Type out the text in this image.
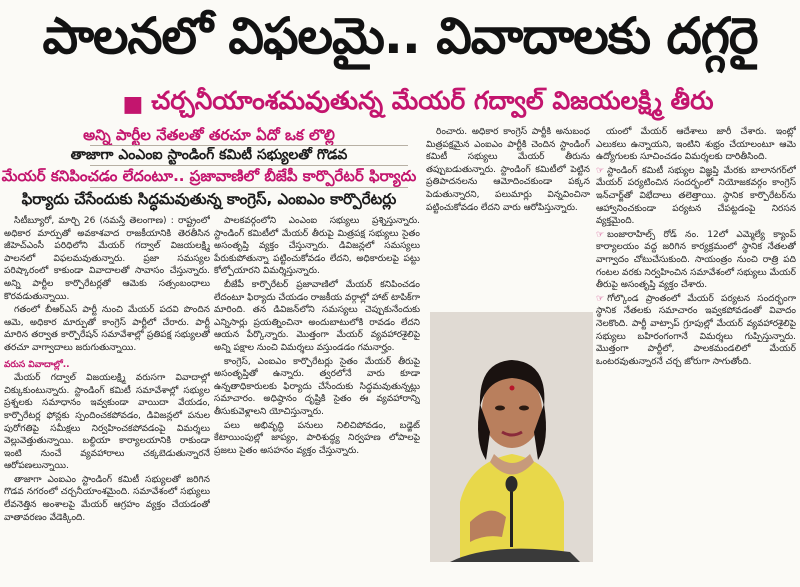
పాలనలో విఫలమై.. వివాదాలకు దగ్గరై
■ చర్చనీయాంశమవుతున్న మేయర్ గద్వాల్ విజయలక్ష్మి తీరు
అన్ని పార్టీల నేతలతో తరచూ ఏదో ఒక లొల్లి
తాజాగా ఎంఎంఐ స్టాండింగ్ కమిటీ సభ్యులతో గొడవ
మేయర్ కనిపించడం లేదంటూ.. ప్రజావాణిలో బీజేపీ కార్పొరేటర్ ఫిర్యాదు
ఫిర్యాదు చేసేందుకు సిద్ధమవుతున్న కాంగ్రెస్, ఎంఐఎం కార్పొరేటర్లు

సిటీబ్యూరో, మార్చి 26 (నమస్తే తెలంగాణ) : రాష్ట్రంలో అధికార మార్పుతో అవకాశవాద రాజకీయానికి తెరతీసిన జీహెచ్ఎంసీ పరిధిలోని మేయర్ గద్వాల్ విజయలక్ష్మి పాలనలో విఫలమవుతున్నారు. ప్రజా సమస్యల పరిష్కారంలో కాకుండా వివాదాలతో సావాసం చేస్తున్నారు. అన్ని పార్టీల కార్పొరేటర్లతో ఆమెకు సత్సంబంధాలు కొరవడుతున్నాయి.

గతంలో బీఆర్ఎస్ పార్టీ నుంచి మేయర్ పదవి పొందిన ఆమె, అధికార మార్పుతో కాంగ్రెస్ పార్టీలో చేరారు. పార్టీ మారిన తర్వాత కార్పొరేషన్ సమావేశాల్లో ప్రతిపక్ష సభ్యులతో తరచూ వాగ్వాదాలు జరుగుతున్నాయి.

వరుస వివాదాల్లో..

మేయర్ గద్వాల్ విజయలక్ష్మి వరుసగా వివాదాల్లో చిక్కుకుంటున్నారు. స్టాండింగ్ కమిటీ సమావేశాల్లో సభ్యుల ప్రశ్నలకు సమాధానం ఇవ్వకుండా వాయిదా వేయడం, కార్పొరేటర్ల ఫోన్లకు స్పందించకపోవడం, డివిజన్లలో పనుల పురోగతిపై సమీక్షలు నిర్వహించకపోవడంపై విమర్శలు వెల్లువెత్తుతున్నాయి. బల్దియా కార్యాలయానికి రాకుండా ఇంటి నుంచే వ్యవహారాలు చక్కబెడుతున్నారనే ఆరోపణలున్నాయి.

తాజాగా ఎంఐఎం స్టాండింగ్ కమిటీ సభ్యులతో జరిగిన గొడవ నగరంలో చర్చనీయాంశమైంది. సమావేశంలో సభ్యులు లేవనెత్తిన అంశాలపై మేయర్ ఆగ్రహం వ్యక్తం చేయడంతో వాతావరణం వేడెక్కింది.

పాలకవర్గంలోని ఎంఎంఐ సభ్యులు ప్రశ్నిస్తున్నారు. స్టాండింగ్ కమిటీలో మేయర్ తీరుపై మిత్రపక్ష సభ్యులు సైతం అసంతృప్తి వ్యక్తం చేస్తున్నారు. డివిజన్లలో సమస్యలు పేరుకుపోతున్నా పట్టించుకోవడం లేదని, అధికారులపై పట్టు కోల్పోయారని విమర్శిస్తున్నారు.

బీజేపీ కార్పొరేటర్ ప్రజావాణిలో మేయర్ కనిపించడం లేదంటూ ఫిర్యాదు చేయడం రాజకీయ వర్గాల్లో హాట్ టాపిక్‌గా మారింది. తన డివిజన్‌లోని సమస్యలు చెప్పుకునేందుకు ఎన్నిసార్లు ప్రయత్నించినా అందుబాటులోకి రావడం లేదని ఆయన పేర్కొన్నారు. మొత్తంగా మేయర్ వ్యవహారశైలిపై అన్ని పక్షాల నుంచి విమర్శలు వస్తుండడం గమనార్హం.

కాంగ్రెస్, ఎంఐఎం కార్పొరేటర్లు సైతం మేయర్ తీరుపై అసంతృప్తితో ఉన్నారు. త్వరలోనే వారు కూడా ఉన్నతాధికారులకు ఫిర్యాదు చేసేందుకు సిద్ధమవుతున్నట్లు సమాచారం. అధిష్ఠానం దృష్టికి సైతం ఈ వ్యవహారాన్ని తీసుకువెళ్లాలని యోచిస్తున్నారు.

పలు అభివృద్ధి పనులు నిలిచిపోవడం, బడ్జెట్ కేటాయింపుల్లో జాప్యం, పారిశుద్ధ్య నిర్వహణ లోపాలపై ప్రజలు సైతం అసహనం వ్యక్తం చేస్తున్నారు.

రించారు. అధికార కాంగ్రెస్ పార్టీకి అనుబంధ మిత్రపక్షమైన ఎంఐఎం పార్టీకి చెందిన స్టాండింగ్ కమిటీ సభ్యులు మేయర్ తీరును తప్పుబడుతున్నారు. స్టాండింగ్ కమిటీలో పెట్టిన ప్రతిపాదనలను ఆమోదించకుండా పక్కన పెడుతున్నారని, పలుమార్లు విన్నవించినా పట్టించుకోవడం లేదని వారు ఆరోపిస్తున్నారు.

యంలో మేయర్ ఆదేశాలు జారీ చేశారు. ఇంట్లో ఎలుకలు ఉన్నాయని, ఇంటిని శుభ్రం చేయాలంటూ ఆమె ఉద్యోగులకు సూచించడం విమర్శలకు దారితీసింది.

☞ స్టాండింగ్ కమిటీ సభ్యుల విజ్ఞప్తి మేరకు బాలానగర్‌లో మేయర్ పర్యటించిన సందర్భంలో నియోజకవర్గం కాంగ్రెస్ ఇన్‌చార్జ్‌తో విభేదాలు తలెత్తాయి. స్థానిక కార్పొరేటర్‌ను ఆహ్వానించకుండా పర్యటన చేపట్టడంపై నిరసన వ్యక్తమైంది.

☞ బంజారాహిల్స్ రోడ్ నం. 12లో ఎమ్మెల్యే క్యాంప్ కార్యాలయం వద్ద జరిగిన కార్యక్రమంలో స్థానిక నేతలతో వాగ్వాదం చోటుచేసుకుంది. సాయంత్రం నుంచి రాత్రి పది గంటల వరకు నిర్వహించిన సమావేశంలో సభ్యులు మేయర్ తీరుపై అసంతృప్తి వ్యక్తం చేశారు.

☞ గోల్కొండ ప్రాంతంలో మేయర్ పర్యటన సందర్భంగా స్థానిక నేతలకు సమాచారం ఇవ్వకపోవడంతో వివాదం నెలకొంది. పార్టీ వాట్సాప్ గ్రూపుల్లో మేయర్ వ్యవహారశైలిపై సభ్యులు బహిరంగంగానే విమర్శలు గుప్పిస్తున్నారు. మొత్తంగా పార్టీలో, పాలకమండలిలో మేయర్ ఒంటరవుతున్నారనే చర్చ జోరుగా సాగుతోంది.
